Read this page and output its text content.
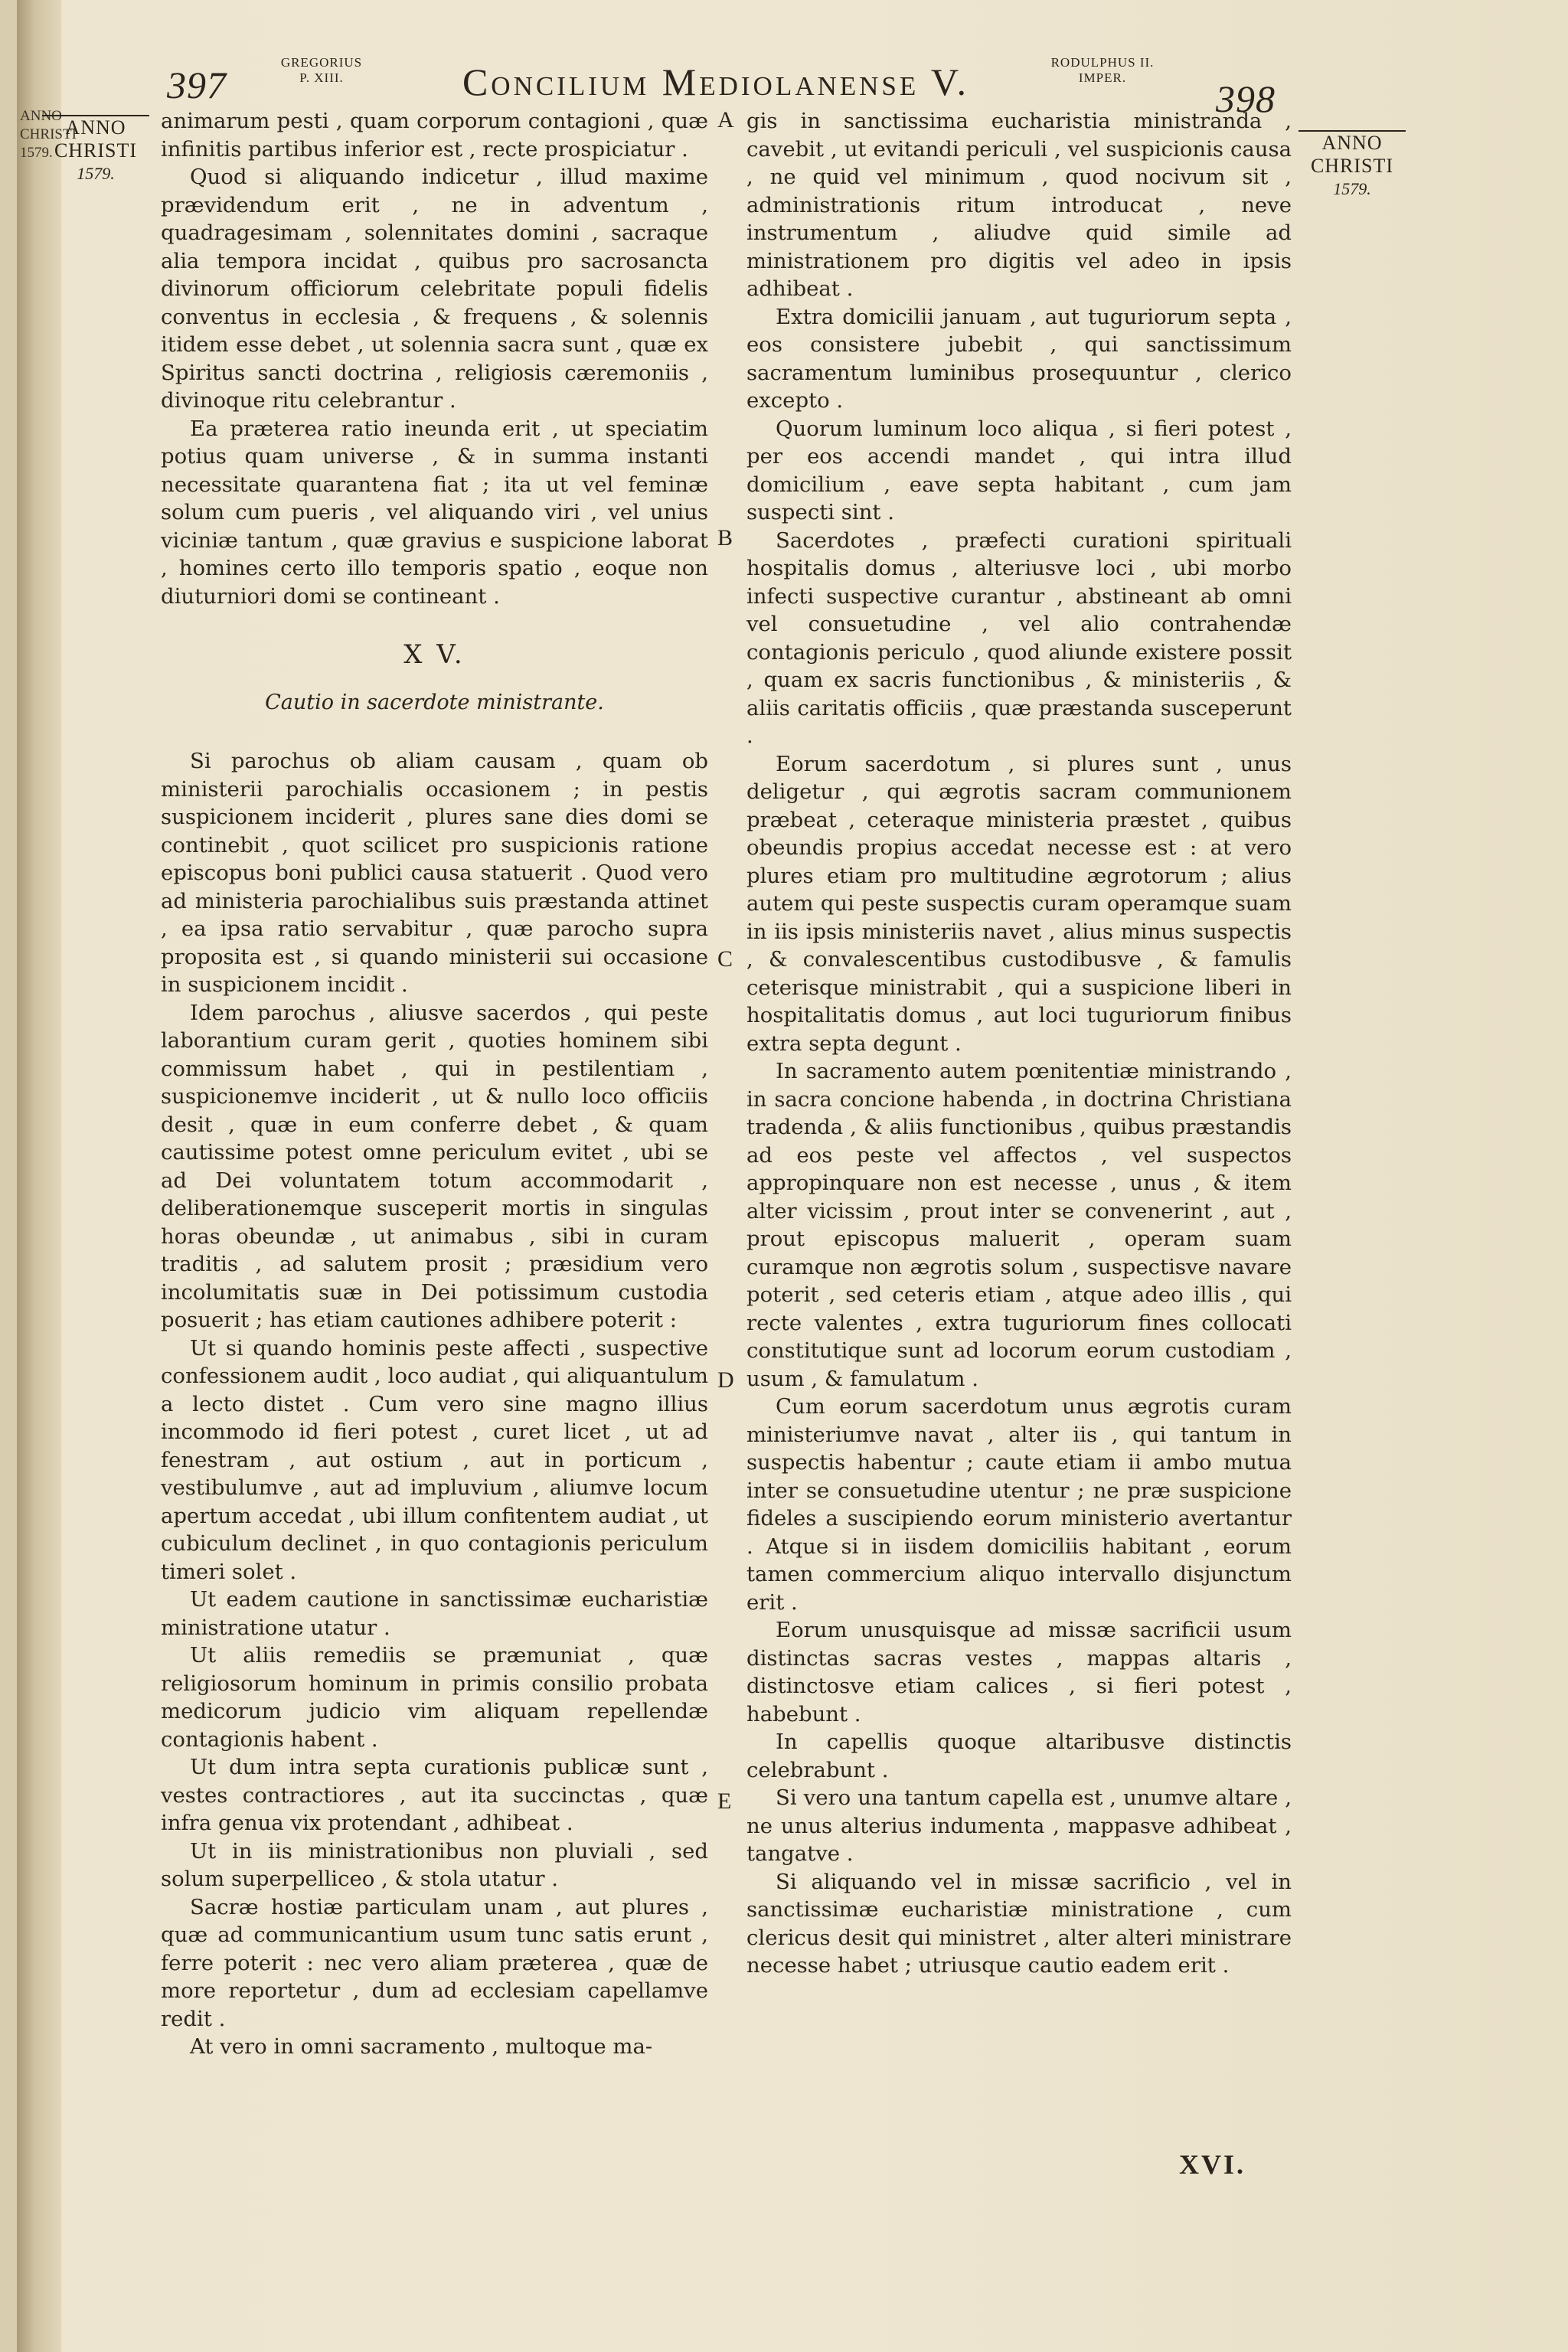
ANNO
CHRISTI
1579.
397
GREGORIUS
P. XIII.	Concilium Mediolanense V.	RODULPHUS II.
IMPER.	398
ANNO
CHRISTI
1579.
ANNO
CHRISTI
1579.
A
B
C
D
E

animarum pesti , quam corporum contagioni , quæ infinitis partibus inferior est , recte prospiciatur .

Quod si aliquando indicetur , illud maxime prævidendum erit , ne in adventum , quadragesimam , solennitates domini , sacraque alia tempora incidat , quibus pro sacrosancta divinorum officiorum celebritate populi fidelis conventus in ecclesia , & frequens , & solennis itidem esse debet , ut solennia sacra sunt , quæ ex Spiritus sancti doctrina , religiosis cæremoniis , divinoque ritu celebrantur .

Ea præterea ratio ineunda erit , ut speciatim potius quam universe , & in summa instanti necessitate quarantena fiat ; ita ut vel feminæ solum cum pueris , vel aliquando viri , vel unius viciniæ tantum , quæ gravius e suspicione laborat , homines certo illo temporis spatio , eoque non diuturniori domi se contineant .

X V.
Cautio in sacerdote ministrante.

Si parochus ob aliam causam , quam ob ministerii parochialis occasionem ; in pestis suspicionem inciderit , plures sane dies domi se continebit , quot scilicet pro suspicionis ratione episcopus boni publici causa statuerit . Quod vero ad ministeria parochialibus suis præstanda attinet , ea ipsa ratio servabitur , quæ parocho supra proposita est , si quando ministerii sui occasione in suspicionem incidit .

Idem parochus , aliusve sacerdos , qui peste laborantium curam gerit , quoties hominem sibi commissum habet , qui in pestilentiam , suspicionemve inciderit , ut & nullo loco officiis desit , quæ in eum conferre debet , & quam cautissime potest omne periculum evitet , ubi se ad Dei voluntatem totum accommodarit , deliberationemque susceperit mortis in singulas horas obeundæ , ut animabus , sibi in curam traditis , ad salutem prosit ; præsidium vero incolumitatis suæ in Dei potissimum custodia posuerit ; has etiam cautiones adhibere poterit :

Ut si quando hominis peste affecti , suspective confessionem audit , loco audiat , qui aliquantulum a lecto distet . Cum vero sine magno illius incommodo id fieri potest , curet licet , ut ad fenestram , aut ostium , aut in porticum , vestibulumve , aut ad impluvium , aliumve locum apertum accedat , ubi illum confitentem audiat , ut cubiculum declinet , in quo contagionis periculum timeri solet .

Ut eadem cautione in sanctissimæ eucharistiæ ministratione utatur .

Ut aliis remediis se præmuniat , quæ religiosorum hominum in primis consilio probata medicorum judicio vim aliquam repellendæ contagionis habent .

Ut dum intra septa curationis publicæ sunt , vestes contractiores , aut ita succinctas , quæ infra genua vix protendant , adhibeat .

Ut in iis ministrationibus non pluviali , sed solum superpelliceo , & stola utatur .

Sacræ hostiæ particulam unam , aut plures , quæ ad communicantium usum tunc satis erunt , ferre poterit : nec vero aliam præterea , quæ de more reportetur , dum ad ecclesiam capellamve redit .

At vero in omni sacramento , multoque ma-

gis in sanctissima eucharistia ministranda , cavebit , ut evitandi periculi , vel suspicionis causa , ne quid vel minimum , quod nocivum sit , administrationis ritum introducat , neve instrumentum , aliudve quid simile ad ministrationem pro digitis vel adeo in ipsis adhibeat .

Extra domicilii januam , aut tuguriorum septa , eos consistere jubebit , qui sanctissimum sacramentum luminibus prosequuntur , clerico excepto .

Quorum luminum loco aliqua , si fieri potest , per eos accendi mandet , qui intra illud domicilium , eave septa habitant , cum jam suspecti sint .

Sacerdotes , præfecti curationi spirituali hospitalis domus , alteriusve loci , ubi morbo infecti suspective curantur , abstineant ab omni vel consuetudine , vel alio contrahendæ contagionis periculo , quod aliunde existere possit , quam ex sacris functionibus , & ministeriis , & aliis caritatis officiis , quæ præstanda susceperunt .

Eorum sacerdotum , si plures sunt , unus deligetur , qui ægrotis sacram communionem præbeat , ceteraque ministeria præstet , quibus obeundis propius accedat necesse est : at vero plures etiam pro multitudine ægrotorum ; alius autem qui peste suspectis curam operamque suam in iis ipsis ministeriis navet , alius minus suspectis , & convalescentibus custodibusve , & famulis ceterisque ministrabit , qui a suspicione liberi in hospitalitatis domus , aut loci tuguriorum finibus extra septa degunt .

In sacramento autem pœnitentiæ ministrando , in sacra concione habenda , in doctrina Christiana tradenda , & aliis functionibus , quibus præstandis ad eos peste vel affectos , vel suspectos appropinquare non est necesse , unus , & item alter vicissim , prout inter se convenerint , aut , prout episcopus maluerit , operam suam curamque non ægrotis solum , suspectisve navare poterit , sed ceteris etiam , atque adeo illis , qui recte valentes , extra tuguriorum fines collocati constitutique sunt ad locorum eorum custodiam , usum , & famulatum .

Cum eorum sacerdotum unus ægrotis curam ministeriumve navat , alter iis , qui tantum in suspectis habentur ; caute etiam ii ambo mutua inter se consuetudine utentur ; ne præ suspicione fideles a suscipiendo eorum ministerio avertantur . Atque si in iisdem domiciliis habitant , eorum tamen commercium aliquo intervallo disjunctum erit .

Eorum unusquisque ad missæ sacrificii usum distinctas sacras vestes , mappas altaris , distinctosve etiam calices , si fieri potest , habebunt .

In capellis quoque altaribusve distinctis celebrabunt .

Si vero una tantum capella est , unumve altare , ne unus alterius indumenta , mappasve adhibeat , tangatve .

Si aliquando vel in missæ sacrificio , vel in sanctissimæ eucharistiæ ministratione , cum clericus desit qui ministret , alter alteri ministrare necesse habet ; utriusque cautio eadem erit .

XVI.
